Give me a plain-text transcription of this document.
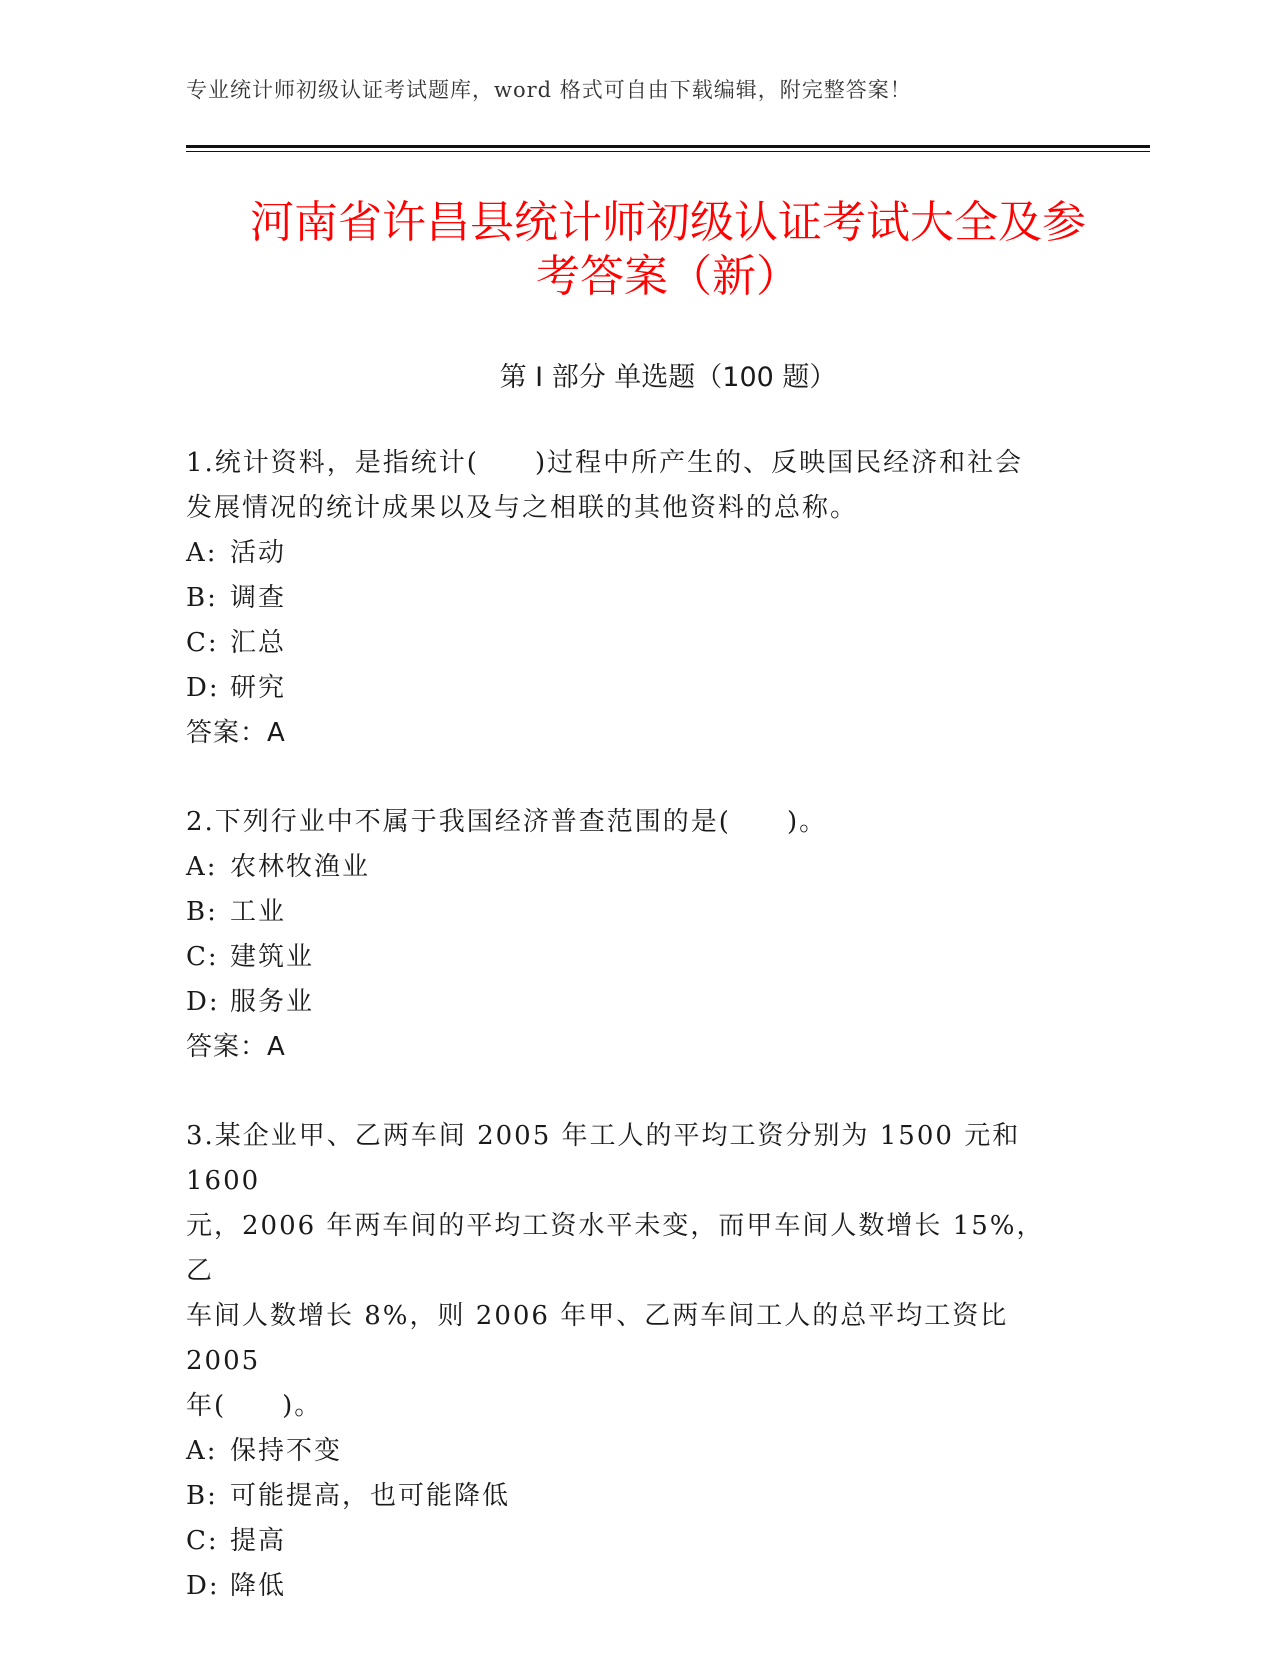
专业统计师初级认证考试题库，word 格式可自由下载编辑，附完整答案！
河南省许昌县统计师初级认证考试大全及参
考答案（新）
第 I 部分 单选题（100 题）

1.统计资料，是指统计(　　)过程中所产生的、反映国民经济和社会

发展情况的统计成果以及与之相联的其他资料的总称。

A: 活动

B: 调查

C: 汇总

D: 研究

答案：A

2.下列行业中不属于我国经济普查范围的是(　　)。

A: 农林牧渔业

B: 工业

C: 建筑业

D: 服务业

答案：A

3.某企业甲、乙两车间 2005 年工人的平均工资分别为 1500 元和 1600

元，2006 年两车间的平均工资水平未变，而甲车间人数增长 15%，乙

车间人数增长 8%，则 2006 年甲、乙两车间工人的总平均工资比 2005

年(　　)。

A: 保持不变

B: 可能提高，也可能降低

C: 提高

D: 降低
